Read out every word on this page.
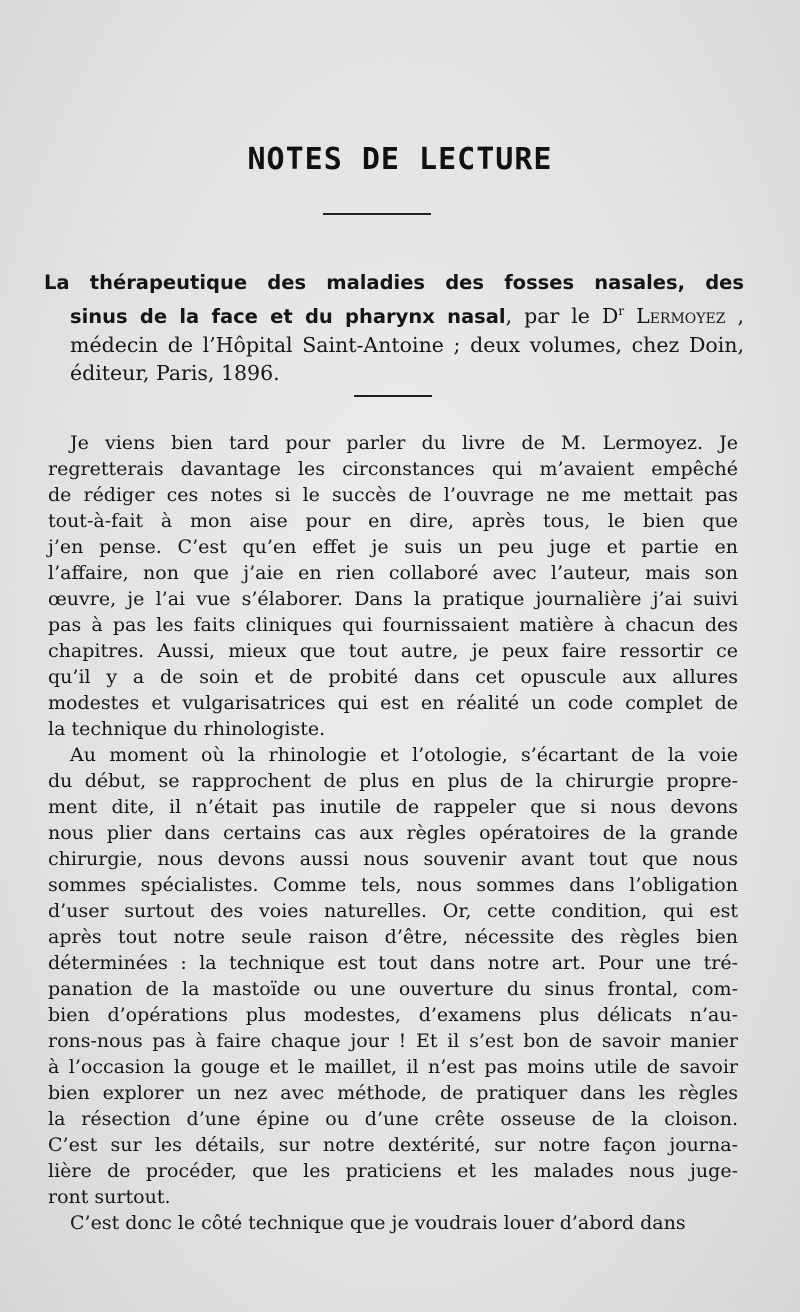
NOTES DE LECTURE
La thérapeutique des maladies des fosses nasales, des
sinus de la face et du pharynx nasal, par le $D^r$ Lermoyez ,
médecin de l’Hôpital Saint-Antoine ; deux volumes, chez Doin,
éditeur, Paris, 1896.
Je viens bien tard pour parler du livre de M. Lermoyez. Je
regretterais davantage les circonstances qui m’avaient empêché
de rédiger ces notes si le succès de l’ouvrage ne me mettait pas
tout-à-fait à mon aise pour en dire, après tous, le bien que
j’en pense. C’est qu’en effet je suis un peu juge et partie en
l’affaire, non que j’aie en rien collaboré avec l’auteur, mais son
œuvre, je l’ai vue s’élaborer. Dans la pratique journalière j’ai suivi
pas à pas les faits cliniques qui fournissaient matière à chacun des
chapitres. Aussi, mieux que tout autre, je peux faire ressortir ce
qu’il y a de soin et de probité dans cet opuscule aux allures
modestes et vulgarisatrices qui est en réalité un code complet de
la technique du rhinologiste.
Au moment où la rhinologie et l’otologie, s’écartant de la voie
du début, se rapprochent de plus en plus de la chirurgie propre-
ment dite, il n’était pas inutile de rappeler que si nous devons
nous plier dans certains cas aux règles opératoires de la grande
chirurgie, nous devons aussi nous souvenir avant tout que nous
sommes spécialistes. Comme tels, nous sommes dans l’obligation
d’user surtout des voies naturelles. Or, cette condition, qui est
après tout notre seule raison d’être, nécessite des règles bien
déterminées : la technique est tout dans notre art. Pour une tré-
panation de la mastoïde ou une ouverture du sinus frontal, com-
bien d’opérations plus modestes, d’examens plus délicats n’au-
rons-nous pas à faire chaque jour ! Et il s’est bon de savoir manier
à l’occasion la gouge et le maillet, il n’est pas moins utile de savoir
bien explorer un nez avec méthode, de pratiquer dans les règles
la résection d’une épine ou d’une crête osseuse de la cloison.
C’est sur les détails, sur notre dextérité, sur notre façon journa-
lière de procéder, que les praticiens et les malades nous juge-
ront surtout.
C’est donc le côté technique que je voudrais louer d’abord dans
